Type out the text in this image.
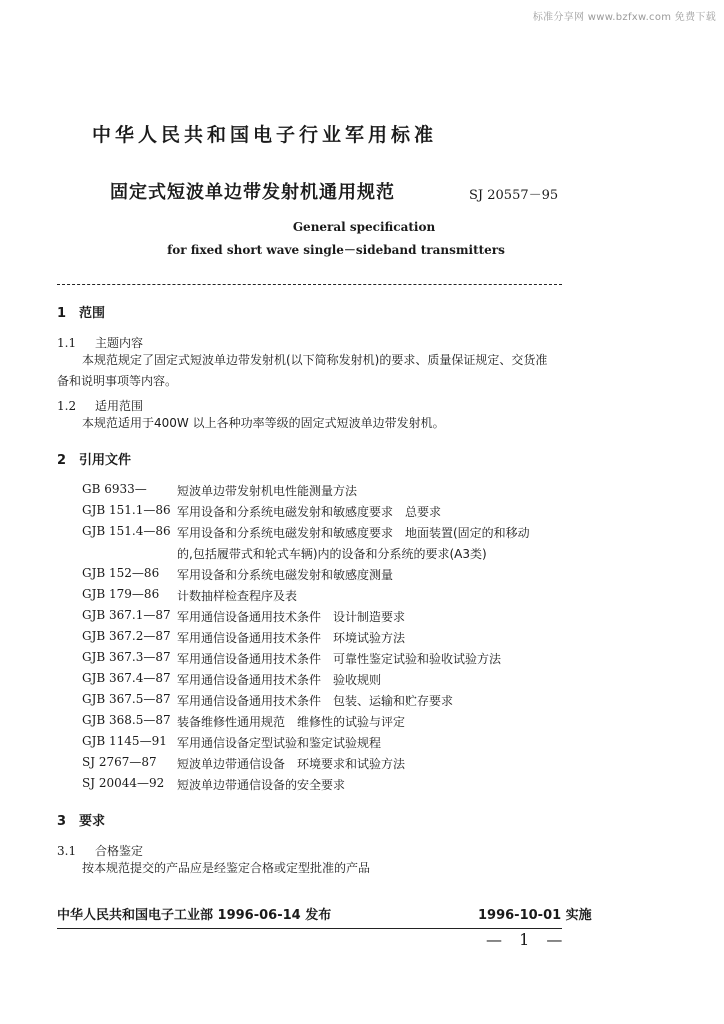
标准分享网 www.bzfxw.com 免费下载
中华人民共和国电子行业军用标准
固定式短波单边带发射机通用规范	SJ 20557－95
General specification
for fixed short wave single－sideband transmitters
1 范围
1.1 主题内容
本规范规定了固定式短波单边带发射机(以下简称发射机)的要求、质量保证规定、交货准
备和说明事项等内容。
1.2 适用范围
本规范适用于400W 以上各种功率等级的固定式短波单边带发射机。
2 引用文件
GB 6933—	短波单边带发射机电性能测量方法
GJB 151.1—86 军用设备和分系统电磁发射和敏感度要求　总要求
GJB 151.4—86 军用设备和分系统电磁发射和敏感度要求　地面装置(固定的和移动
的,包括履带式和轮式车辆)内的设备和分系统的要求(A3类)
GJB 152—86	军用设备和分系统电磁发射和敏感度测量
GJB 179—86	计数抽样检查程序及表
GJB 367.1—87 军用通信设备通用技术条件　设计制造要求
GJB 367.2—87 军用通信设备通用技术条件　环境试验方法
GJB 367.3—87 军用通信设备通用技术条件　可靠性鉴定试验和验收试验方法
GJB 367.4—87 军用通信设备通用技术条件　验收规则
GJB 367.5—87 军用通信设备通用技术条件　包装、运输和贮存要求
GJB 368.5—87 装备维修性通用规范　维修性的试验与评定
GJB 1145—91 军用通信设备定型试验和鉴定试验规程
SJ 2767—87	短波单边带通信设备　环境要求和试验方法
SJ 20044—92	短波单边带通信设备的安全要求
3 要求
3.1 合格鉴定
按本规范提交的产品应是经鉴定合格或定型批准的产品
中华人民共和国电子工业部 1996-06-14 发布	1996-10-01 实施
— 1 —
